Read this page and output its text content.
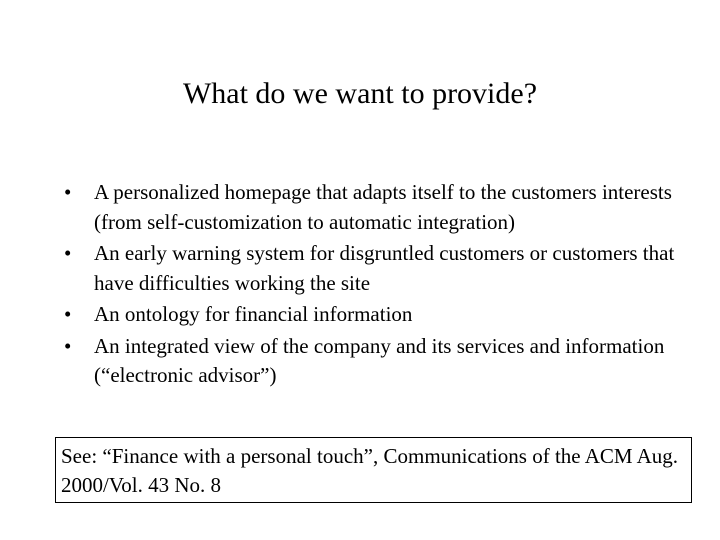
What do we want to provide?
•	A personalized homepage that adapts itself to the customers interests (from self-customization to automatic integration)
•	An early warning system for disgruntled customers or customers that have difficulties working the site
•	An ontology for financial information
•	An integrated view of the company and its services and information (“electronic advisor”)
See: “Finance with a personal touch”, Communications of the ACM Aug. 2000/Vol. 43 No. 8
